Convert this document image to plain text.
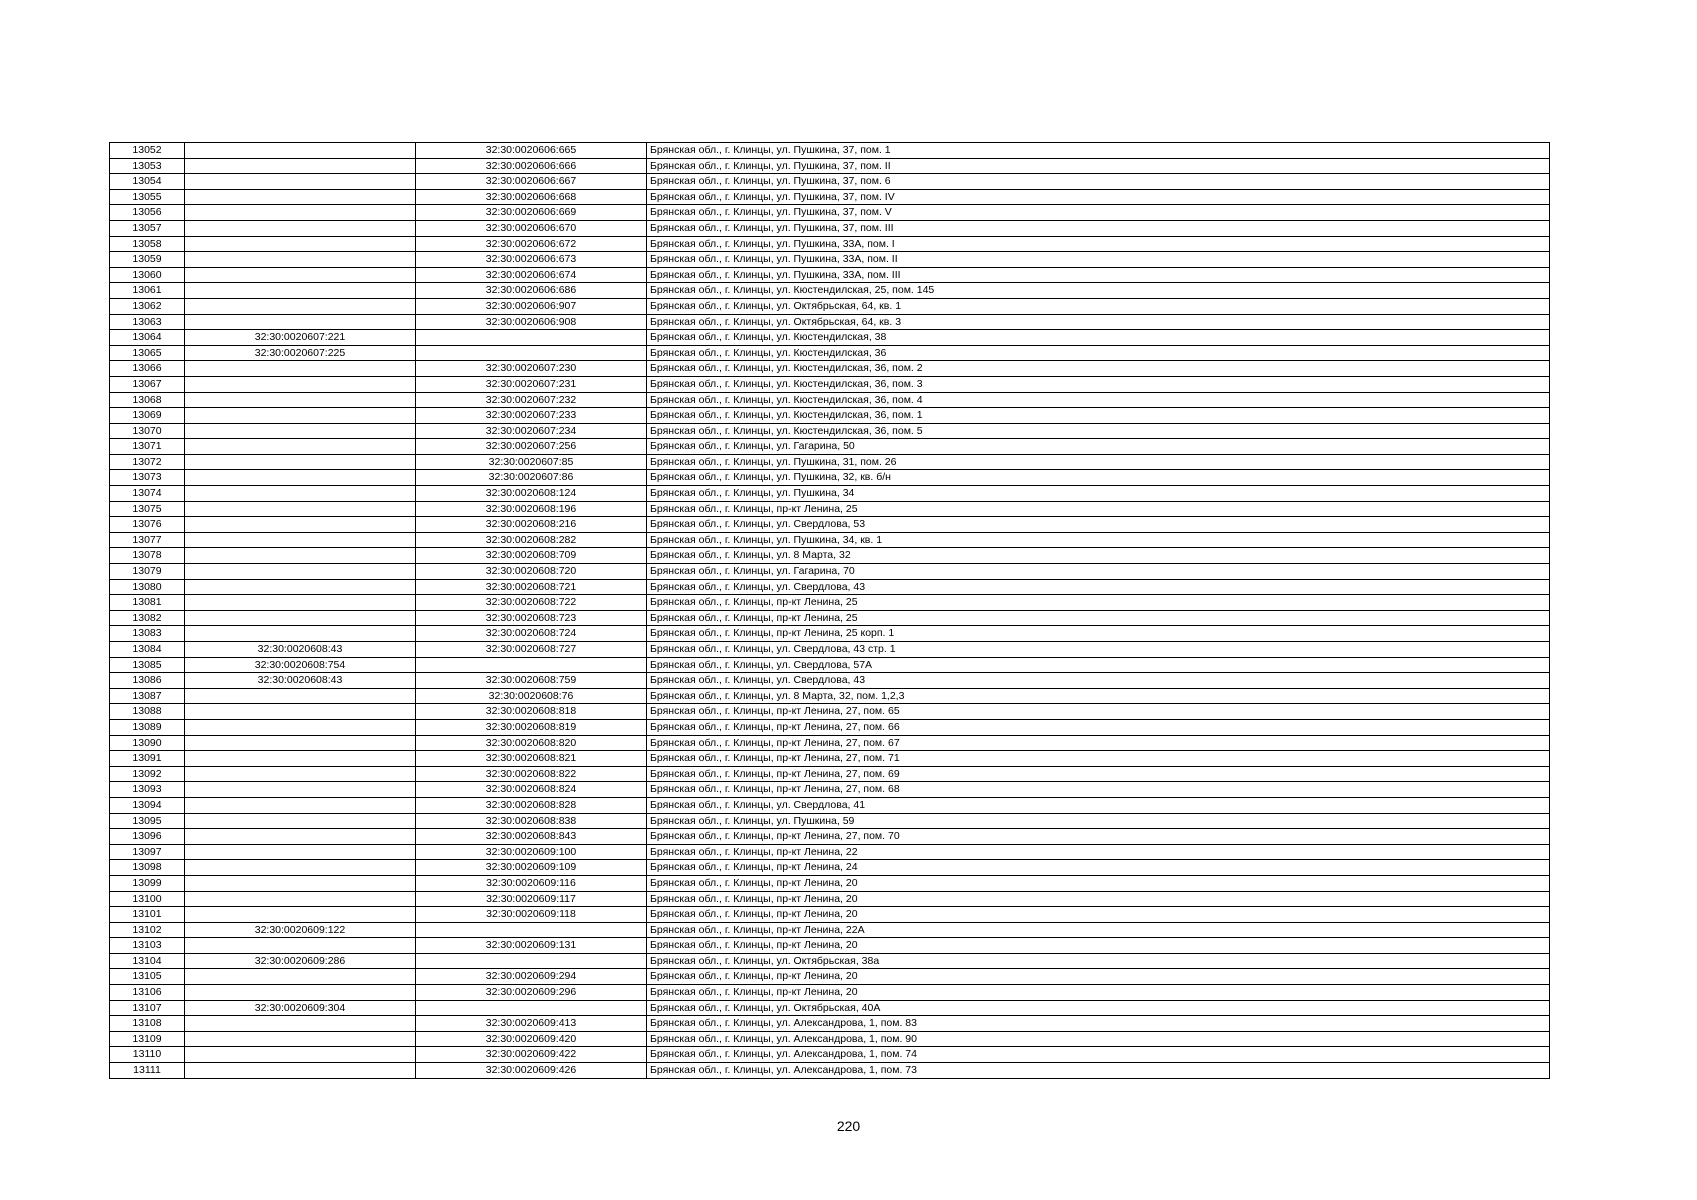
13052		32:30:0020606:665	Брянская обл., г. Клинцы, ул. Пушкина, 37, пом. 1
13053		32:30:0020606:666	Брянская обл., г. Клинцы, ул. Пушкина, 37, пом. II
13054		32:30:0020606:667	Брянская обл., г. Клинцы, ул. Пушкина, 37, пом. 6
13055		32:30:0020606:668	Брянская обл., г. Клинцы, ул. Пушкина, 37, пом. IV
13056		32:30:0020606:669	Брянская обл., г. Клинцы, ул. Пушкина, 37, пом. V
13057		32:30:0020606:670	Брянская обл., г. Клинцы, ул. Пушкина, 37, пом. III
13058		32:30:0020606:672	Брянская обл., г. Клинцы, ул. Пушкина, 33А, пом. I
13059		32:30:0020606:673	Брянская обл., г. Клинцы, ул. Пушкина, 33А, пом. II
13060		32:30:0020606:674	Брянская обл., г. Клинцы, ул. Пушкина, 33А, пом. III
13061		32:30:0020606:686	Брянская обл., г. Клинцы, ул. Кюстендилская, 25, пом. 145
13062		32:30:0020606:907	Брянская обл., г. Клинцы, ул. Октябрьская, 64, кв. 1
13063		32:30:0020606:908	Брянская обл., г. Клинцы, ул. Октябрьская, 64, кв. 3
13064	32:30:0020607:221		Брянская обл., г. Клинцы, ул. Кюстендилская, 38
13065	32:30:0020607:225		Брянская обл., г. Клинцы, ул. Кюстендилская, 36
13066		32:30:0020607:230	Брянская обл., г. Клинцы, ул. Кюстендилская, 36, пом. 2
13067		32:30:0020607:231	Брянская обл., г. Клинцы, ул. Кюстендилская, 36, пом. 3
13068		32:30:0020607:232	Брянская обл., г. Клинцы, ул. Кюстендилская, 36, пом. 4
13069		32:30:0020607:233	Брянская обл., г. Клинцы, ул. Кюстендилская, 36, пом. 1
13070		32:30:0020607:234	Брянская обл., г. Клинцы, ул. Кюстендилская, 36, пом. 5
13071		32:30:0020607:256	Брянская обл., г. Клинцы, ул. Гагарина, 50
13072		32:30:0020607:85	Брянская обл., г. Клинцы, ул. Пушкина, 31, пом. 26
13073		32:30:0020607:86	Брянская обл., г. Клинцы, ул. Пушкина, 32, кв. б/н
13074		32:30:0020608:124	Брянская обл., г. Клинцы, ул. Пушкина, 34
13075		32:30:0020608:196	Брянская обл., г. Клинцы, пр-кт Ленина, 25
13076		32:30:0020608:216	Брянская обл., г. Клинцы, ул. Свердлова, 53
13077		32:30:0020608:282	Брянская обл., г. Клинцы, ул. Пушкина, 34, кв. 1
13078		32:30:0020608:709	Брянская обл., г. Клинцы, ул. 8 Марта, 32
13079		32:30:0020608:720	Брянская обл., г. Клинцы, ул. Гагарина, 70
13080		32:30:0020608:721	Брянская обл., г. Клинцы, ул. Свердлова, 43
13081		32:30:0020608:722	Брянская обл., г. Клинцы, пр-кт Ленина, 25
13082		32:30:0020608:723	Брянская обл., г. Клинцы, пр-кт Ленина, 25
13083		32:30:0020608:724	Брянская обл., г. Клинцы, пр-кт Ленина, 25 корп. 1
13084	32:30:0020608:43	32:30:0020608:727	Брянская обл., г. Клинцы, ул. Свердлова, 43 стр. 1
13085	32:30:0020608:754		Брянская обл., г. Клинцы, ул. Свердлова, 57А
13086	32:30:0020608:43	32:30:0020608:759	Брянская обл., г. Клинцы, ул. Свердлова, 43
13087		32:30:0020608:76	Брянская обл., г. Клинцы, ул. 8 Марта, 32, пом. 1,2,3
13088		32:30:0020608:818	Брянская обл., г. Клинцы, пр-кт Ленина, 27, пом. 65
13089		32:30:0020608:819	Брянская обл., г. Клинцы, пр-кт Ленина, 27, пом. 66
13090		32:30:0020608:820	Брянская обл., г. Клинцы, пр-кт Ленина, 27, пом. 67
13091		32:30:0020608:821	Брянская обл., г. Клинцы, пр-кт Ленина, 27, пом. 71
13092		32:30:0020608:822	Брянская обл., г. Клинцы, пр-кт Ленина, 27, пом. 69
13093		32:30:0020608:824	Брянская обл., г. Клинцы, пр-кт Ленина, 27, пом. 68
13094		32:30:0020608:828	Брянская обл., г. Клинцы, ул. Свердлова, 41
13095		32:30:0020608:838	Брянская обл., г. Клинцы, ул. Пушкина, 59
13096		32:30:0020608:843	Брянская обл., г. Клинцы, пр-кт Ленина, 27, пом. 70
13097		32:30:0020609:100	Брянская обл., г. Клинцы, пр-кт Ленина, 22
13098		32:30:0020609:109	Брянская обл., г. Клинцы, пр-кт Ленина, 24
13099		32:30:0020609:116	Брянская обл., г. Клинцы, пр-кт Ленина, 20
13100		32:30:0020609:117	Брянская обл., г. Клинцы, пр-кт Ленина, 20
13101		32:30:0020609:118	Брянская обл., г. Клинцы, пр-кт Ленина, 20
13102	32:30:0020609:122		Брянская обл., г. Клинцы, пр-кт Ленина, 22А
13103		32:30:0020609:131	Брянская обл., г. Клинцы, пр-кт Ленина, 20
13104	32:30:0020609:286		Брянская обл., г. Клинцы, ул. Октябрьская, 38а
13105		32:30:0020609:294	Брянская обл., г. Клинцы, пр-кт Ленина, 20
13106		32:30:0020609:296	Брянская обл., г. Клинцы, пр-кт Ленина, 20
13107	32:30:0020609:304		Брянская обл., г. Клинцы, ул. Октябрьская, 40А
13108		32:30:0020609:413	Брянская обл., г. Клинцы, ул. Александрова, 1, пом. 83
13109		32:30:0020609:420	Брянская обл., г. Клинцы, ул. Александрова, 1, пом. 90
13110		32:30:0020609:422	Брянская обл., г. Клинцы, ул. Александрова, 1, пом. 74
13111		32:30:0020609:426	Брянская обл., г. Клинцы, ул. Александрова, 1, пом. 73
220
